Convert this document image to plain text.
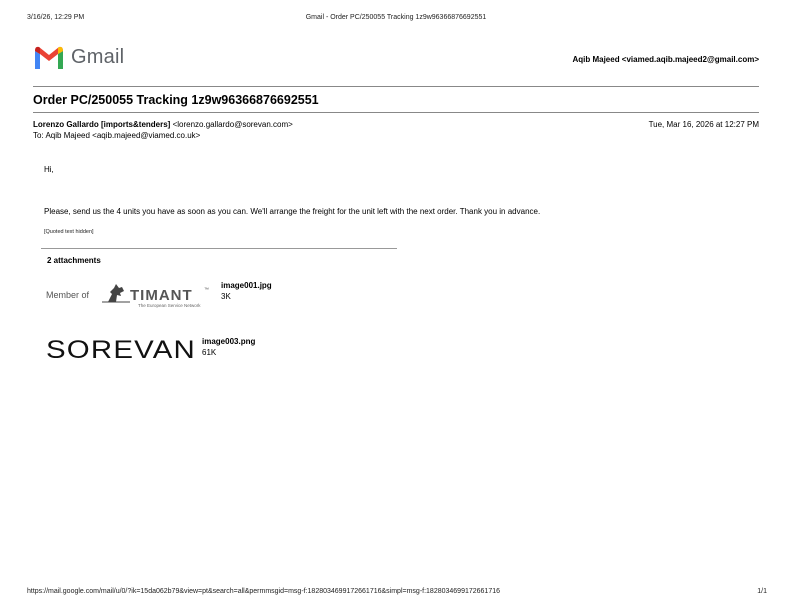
3/16/26, 12:29 PM	Gmail - Order PC/250055 Tracking 1z9w96366876692551
Gmail	Aqib Majeed <viamed.aqib.majeed2@gmail.com>
Order PC/250055 Tracking 1z9w96366876692551
Lorenzo Gallardo [imports&tenders] <lorenzo.gallardo@sorevan.com>	Tue, Mar 16, 2026 at 12:27 PM
To: Aqib Majeed <aqib.majeed@viamed.co.uk>
Hi,
Please, send us the 4 units you have as soon as you can. We'll arrange the freight for the unit left with the next order. Thank you in advance.
[Quoted text hidden]
2 attachments
Member of	TIMANT ™
The European Service Network
image001.jpg
3K
SOREVAN image003.png
61K
https://mail.google.com/mail/u/0/?ik=15da062b79&view=pt&search=all&permmsgid=msg-f:1828034699172661716&simpl=msg-f:1828034699172661716	1/1
